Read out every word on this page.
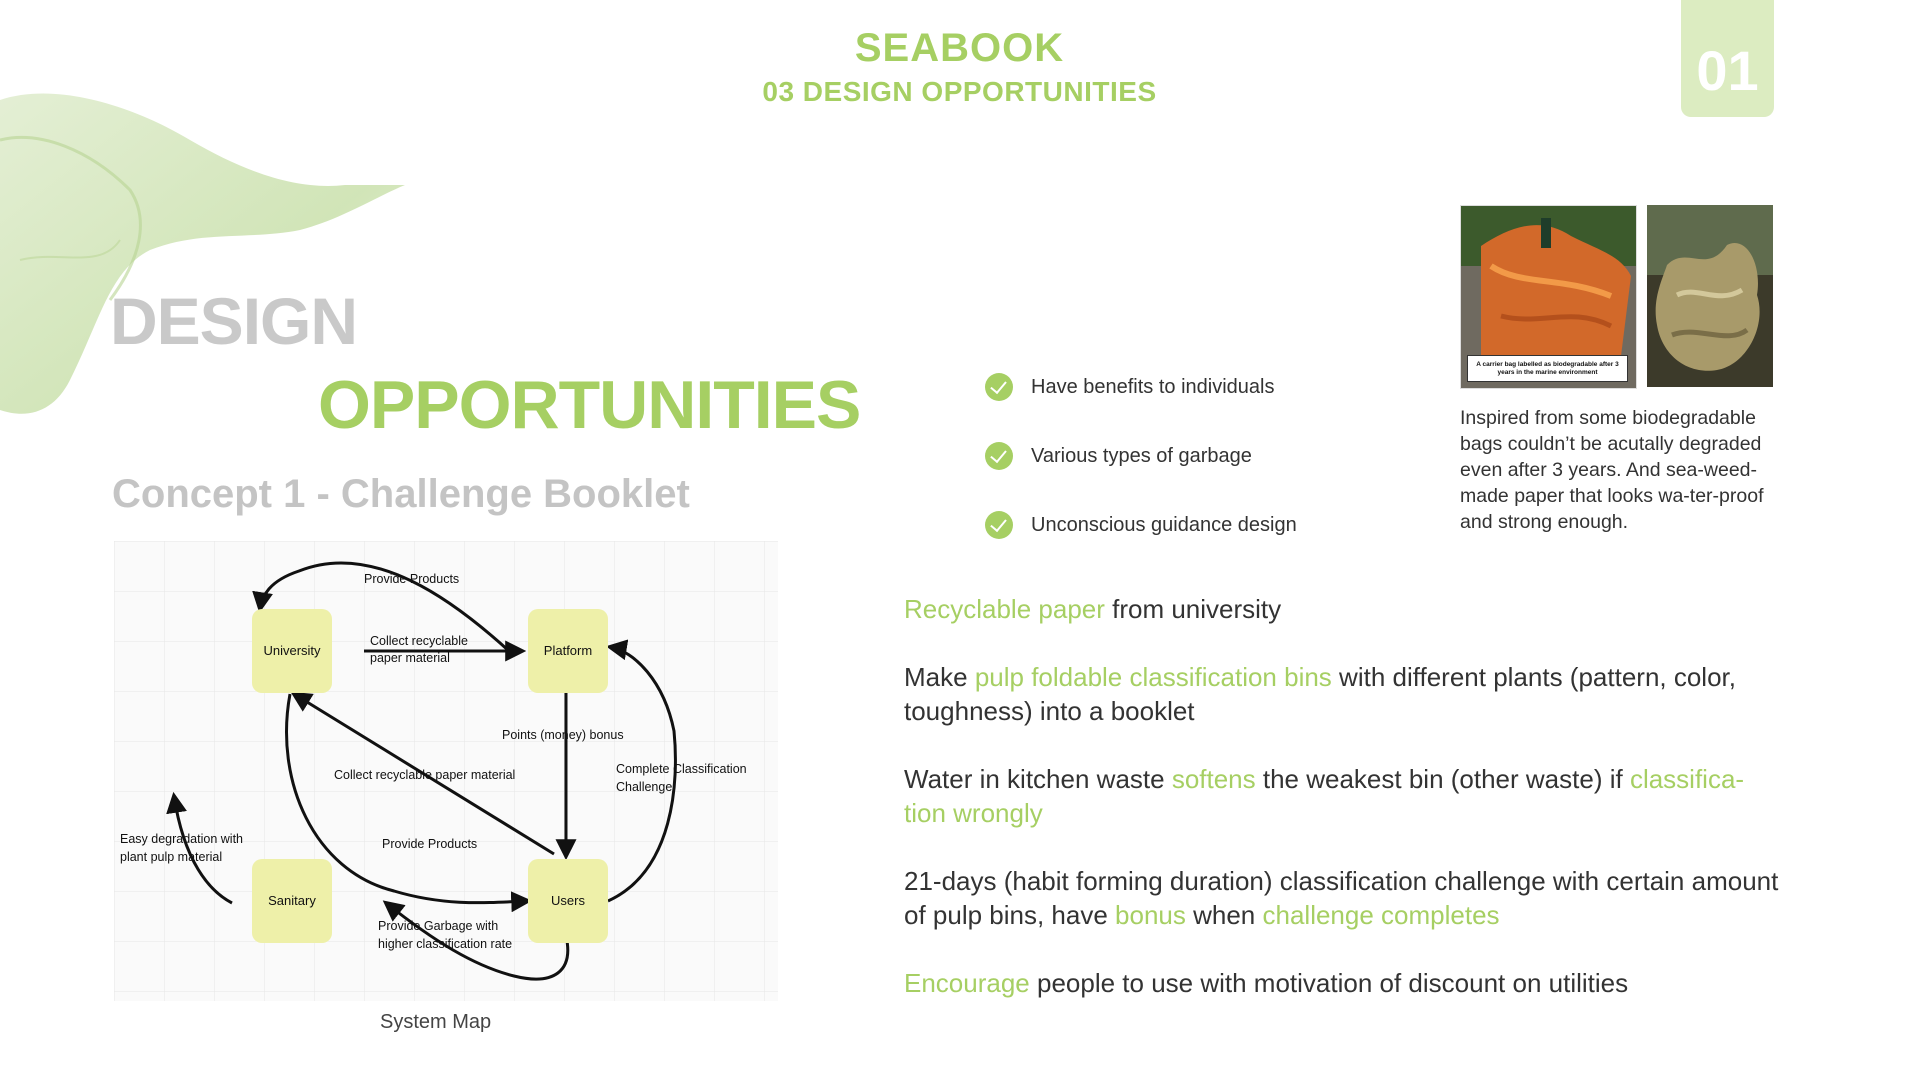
SEABOOK
03 DESIGN OPPORTUNITIES	01
DESIGN
OPPORTUNITIES
Concept 1 - Challenge Booklet
University	Platform
Sanitary	Users
Provide Products
Collect recyclable
paper material
Points (money) bonus
Collect recyclable paper material	Complete Classification
Challenge
Provide Products
Easy degradation with
plant pulp material
Provide Garbage with
higher classification rate
System Map
Have benefits to individuals
Various types of garbage
Unconscious guidance design
A carrier bag labelled as biodegradable after 3 years in the marine environment
Inspired from some biodegradable bags couldn’t be acutally degraded even after 3 years. And sea-weed-made paper that looks wa-ter-proof and strong enough.

Recyclable paper from university

Make pulp foldable classification bins with different plants (pattern, color, toughness) into a booklet

Water in kitchen waste softens the weakest bin (other waste) if classifica-tion wrongly

21-days (habit forming duration) classification challenge with certain amount of pulp bins, have bonus when challenge completes

Encourage people to use with motivation of discount on utilities
